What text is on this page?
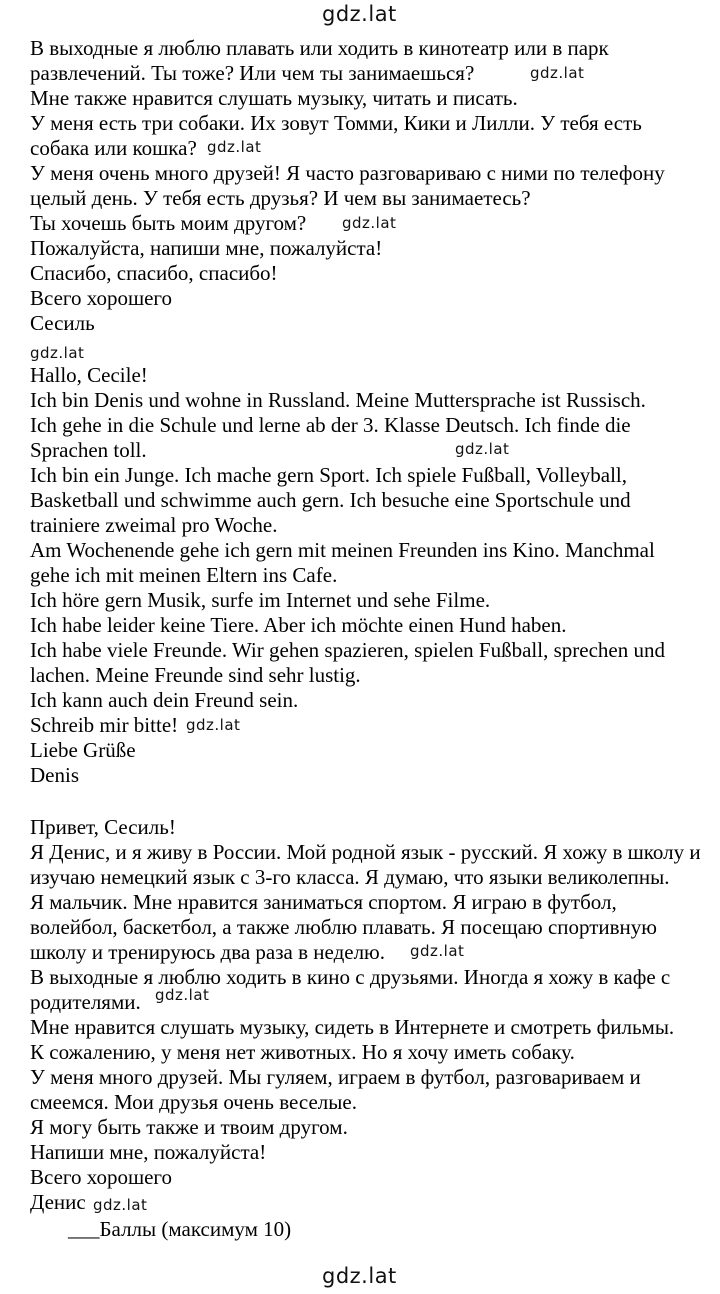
gdz.lat
gdz.lat
gdz.lat
gdz.lat
gdz.lat
gdz.lat
gdz.lat
gdz.lat
gdz.lat
gdz.lat
gdz.lat
В выходные я люблю плавать или ходить в кинотеатр или в парк
развлечений. Ты тоже? Или чем ты занимаешься?
Мне также нравится слушать музыку, читать и писать.
У меня есть три собаки. Их зовут Томми, Кики и Лилли. У тебя есть
собака или кошка?
У меня очень много друзей! Я часто разговариваю с ними по телефону
целый день. У тебя есть друзья? И чем вы занимаетесь?
Ты хочешь быть моим другом?
Пожалуйста, напиши мне, пожалуйста!
Спасибо, спасибо, спасибо!
Всего хорошего
Сесиль
Hallo, Cecile!
Ich bin Denis und wohne in Russland. Meine Muttersprache ist Russisch.
Ich gehe in die Schule und lerne ab der 3. Klasse Deutsch. Ich finde die
Sprachen toll.
Ich bin ein Junge. Ich mache gern Sport. Ich spiele Fußball, Volleyball,
Basketball und schwimme auch gern. Ich besuche eine Sportschule und
trainiere zweimal pro Woche.
Am Wochenende gehe ich gern mit meinen Freunden ins Kino. Manchmal
gehe ich mit meinen Eltern ins Cafe.
Ich höre gern Musik, surfe im Internet und sehe Filme.
Ich habe leider keine Tiere. Aber ich möchte einen Hund haben.
Ich habe viele Freunde. Wir gehen spazieren, spielen Fußball, sprechen und
lachen. Meine Freunde sind sehr lustig.
Ich kann auch dein Freund sein.
Schreib mir bitte!
Liebe Grüße
Denis
Привет, Сесиль!
Я Денис, и я живу в России. Мой родной язык - русский. Я хожу в школу и
изучаю немецкий язык с 3-го класса. Я думаю, что языки великолепны.
Я мальчик. Мне нравится заниматься спортом. Я играю в футбол,
волейбол, баскетбол, а также люблю плавать. Я посещаю спортивную
школу и тренируюсь два раза в неделю.
В выходные я люблю ходить в кино с друзьями. Иногда я хожу в кафе с
родителями.
Мне нравится слушать музыку, сидеть в Интернете и смотреть фильмы.
К сожалению, у меня нет животных. Но я хочу иметь собаку.
У меня много друзей. Мы гуляем, играем в футбол, разговариваем и
смеемся. Мои друзья очень веселые.
Я могу быть также и твоим другом.
Напиши мне, пожалуйста!
Всего хорошего
Денис
___Баллы (максимум 10)
